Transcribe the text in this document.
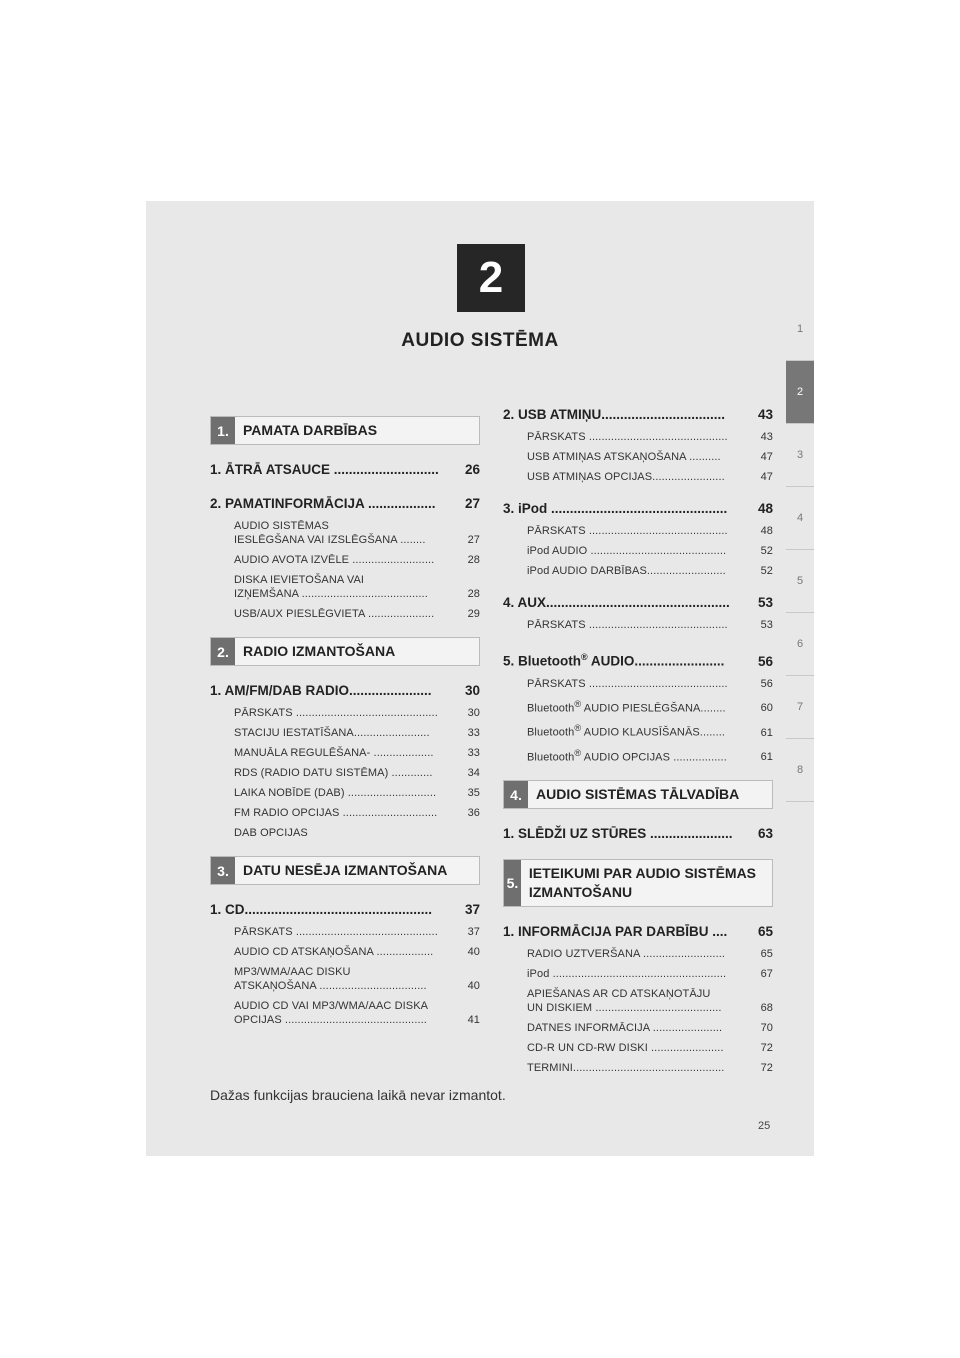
2
AUDIO SISTĒMA
1
2
3
4
5
6
7
8
1.	PAMATA DARBĪBAS
1. ĀTRĀ ATSAUCE ............................ 26
2. PAMATINFORMĀCIJA .................. 27
AUDIO SISTĒMAS
IESLĒGŠANA VAI IZSLĒGŠANA ........	27
AUDIO AVOTA IZVĒLE ..........................	28
DISKA IEVIETOŠANA VAI
IZŅEMŠANA ........................................	28
USB/AUX PIESLĒGVIETA .....................	29
2.	RADIO IZMANTOŠANA
1. AM/FM/DAB RADIO...................... 30
PĀRSKATS .............................................	30
STACIJU IESTATĪŠANA........................	33
MANUĀLA REGULĒŠANA- ...................	33
RDS (RADIO DATU SISTĒMA) .............	34
LAIKA NOBĪDE (DAB) ............................	35
FM RADIO OPCIJAS ..............................	36
DAB OPCIJAS
3.	DATU NESĒJA IZMANTOŠANA
1. CD.................................................. 37
PĀRSKATS .............................................	37
AUDIO CD ATSKAŅOŠANA ..................	40
MP3/WMA/AAC DISKU
ATSKAŅOŠANA ..................................	40
AUDIO CD VAI MP3/WMA/AAC DISKA
OPCIJAS .............................................	41
2. USB ATMIŅU................................. 43
PĀRSKATS ............................................	43
USB ATMIŅAS ATSKAŅOŠANA ..........	47
USB ATMIŅAS OPCIJAS.......................	47
3. iPod ............................................... 48
PĀRSKATS ............................................	48
iPod AUDIO ...........................................	52
iPod AUDIO DARBĪBAS.........................	52
4. AUX................................................. 53
PĀRSKATS ............................................	53
5. Bluetooth® AUDIO........................ 56
PĀRSKATS ............................................	56
Bluetooth® AUDIO PIESLĒGŠANA........	60
Bluetooth® AUDIO KLAUSĪŠANĀS........	61
Bluetooth® AUDIO OPCIJAS .................	61
4.	AUDIO SISTĒMAS TĀLVADĪBA
1. SLĒDŽI UZ STŪRES ...................... 63
5.
IETEIKUMI PAR AUDIO SISTĒMAS IZMANTOŠANU
1. INFORMĀCIJA PAR DARBĪBU .... 65
RADIO UZTVERŠANA ..........................	65
iPod .......................................................	67
APIEŠANAS AR CD ATSKAŅOTĀJU
UN DISKIEM ........................................	68
DATNES INFORMĀCIJA ......................	70
CD-R UN CD-RW DISKI .......................	72
TERMINI................................................	72
Dažas funkcijas brauciena laikā nevar izmantot.
25
